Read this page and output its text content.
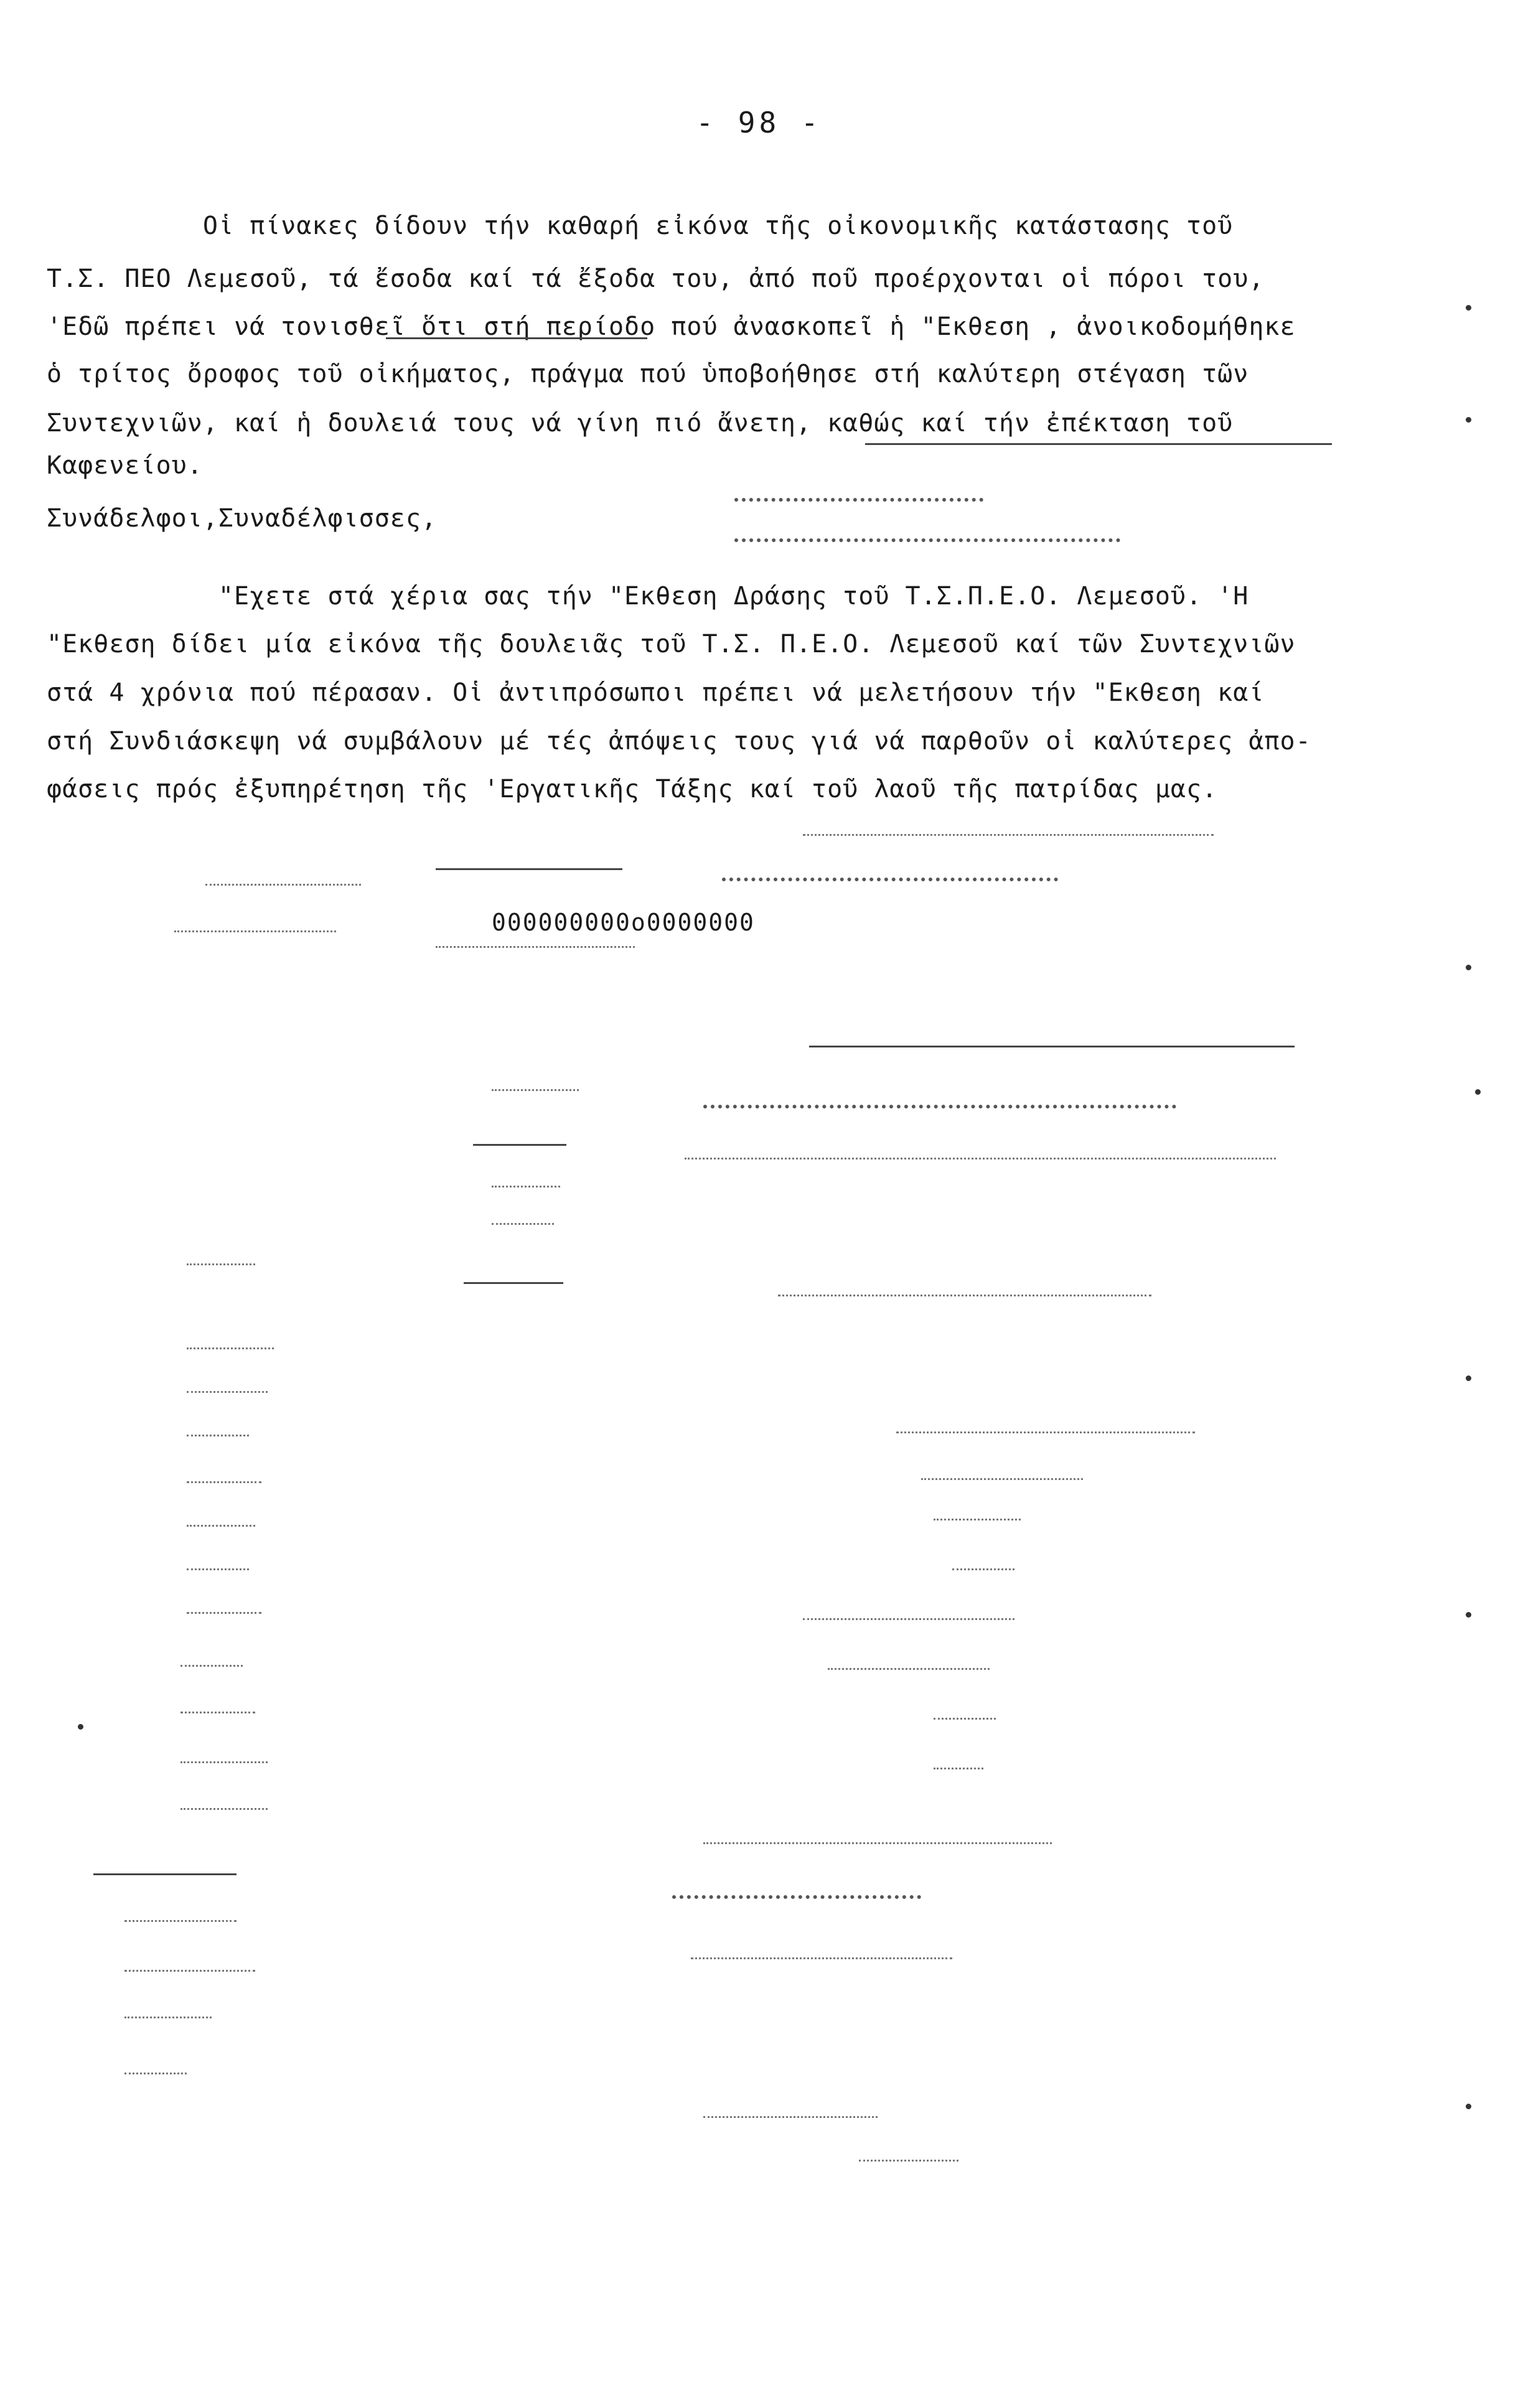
- 98 -
Οἱ πίνακες δίδουν τήν καθαρή εἰκόνα τῆς οἰκονομικῆς κατάστασης τοῦ
Τ.Σ. ΠΕΟ Λεμεσοῦ, τά ἔσοδα καί τά ἔξοδα του, ἀπό ποῦ προέρχονται οἱ πόροι του,
'Εδῶ πρέπει νά τονισθεῖ ὅτι στή περίοδο πού ἀνασκοπεῖ ἡ "Εκθεση , ἀνοικοδομήθηκε
ὁ τρίτος ὄροφος τοῦ οἰκήματος, πράγμα πού ὑποβοήθησε στή καλύτερη στέγαση τῶν
Συντεχνιῶν, καί ἡ δουλειά τους νά γίνη πιό ἄνετη, καθώς καί τήν ἐπέκταση τοῦ
Καφενείου.
Συνάδελφοι,Συναδέλφισσες,
"Εχετε στά χέρια σας τήν "Εκθεση Δράσης τοῦ Τ.Σ.Π.Ε.Ο. Λεμεσοῦ. 'Η
"Εκθεση δίδει μία εἰκόνα τῆς δουλειᾶς τοῦ Τ.Σ. Π.Ε.Ο. Λεμεσοῦ καί τῶν Συντεχνιῶν
στά 4 χρόνια πού πέρασαν. Οἱ ἀντιπρόσωποι πρέπει νά μελετήσουν τήν "Εκθεση καί
στή Συνδιάσκεψη νά συμβάλουν μέ τές ἀπόψεις τους γιά νά παρθοῦν οἱ καλύτερες ἀπο-
φάσεις πρός ἐξυπηρέτηση τῆς 'Εργατικῆς Τάξης καί τοῦ λαοῦ τῆς πατρίδας μας.
000000000o0000000
